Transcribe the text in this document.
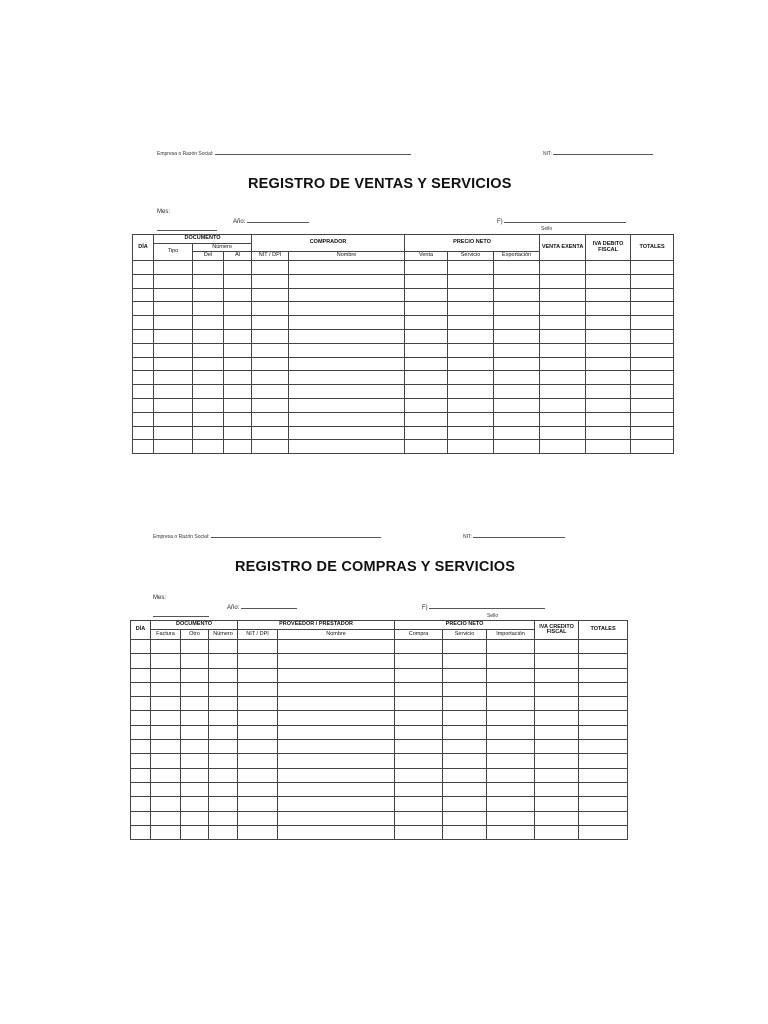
Empresa o Razón Social:	NIT:
REGISTRO DE VENTAS Y SERVICIOS
Mes:
Año:	F)
Sello
DÍA	DOCUMENTO			COMPRADOR		PRECIO NETO			VENTA EXENTA	IVA DEBITO FISCAL	TOTALES
	Tipo	Número									
		Del	Al	NIT / DPI	Nombre	Venta	Servicio	Exportación			

Empresa o Razón Social:	NIT:
REGISTRO DE COMPRAS Y SERVICIOS
Mes:
Año:	F)
Sello
DÍA	DOCUMENTO			PROVEEDOR / PRESTADOR		PRECIO NETO			IVA CREDITO FISCAL	TOTALES
	Factura	Otro	Número	NIT / DPI	Nombre	Compra	Servicio	Importación		
